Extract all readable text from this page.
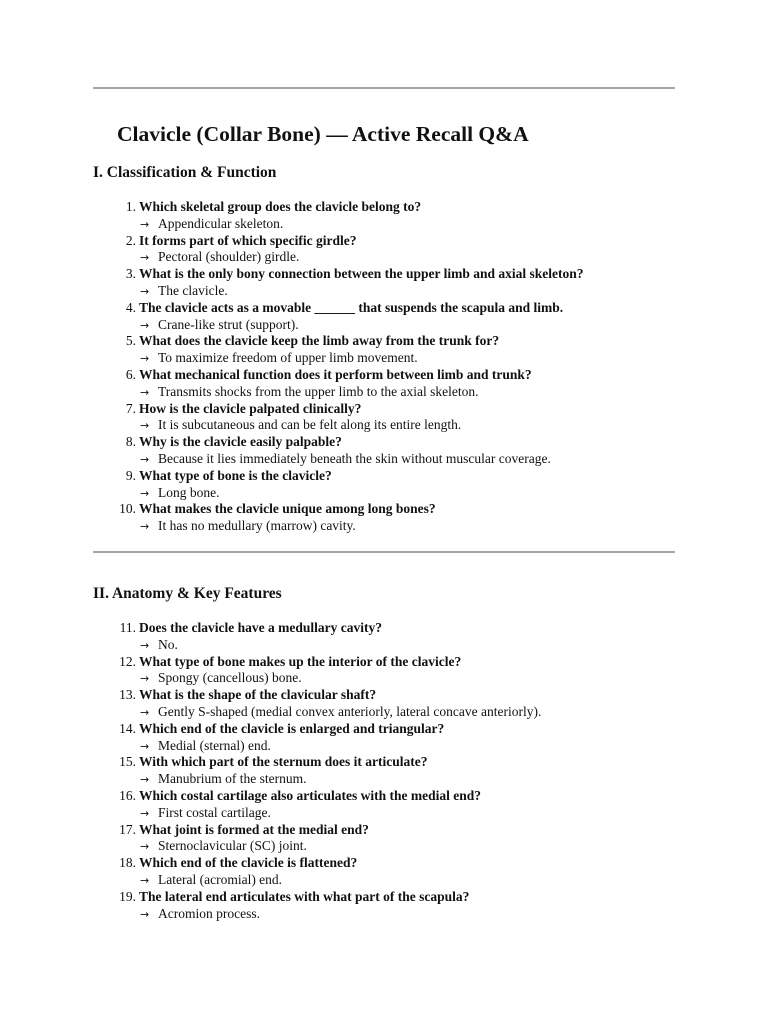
Clavicle (Collar Bone) — Active Recall Q&A
I. Classification & Function
1. Which skeletal group does the clavicle belong to?
→ Appendicular skeleton.
2. It forms part of which specific girdle?
→ Pectoral (shoulder) girdle.
3. What is the only bony connection between the upper limb and axial skeleton?
→ The clavicle.
4. The clavicle acts as a movable ______ that suspends the scapula and limb.
→ Crane-like strut (support).
5. What does the clavicle keep the limb away from the trunk for?
→ To maximize freedom of upper limb movement.
6. What mechanical function does it perform between limb and trunk?
→ Transmits shocks from the upper limb to the axial skeleton.
7. How is the clavicle palpated clinically?
→ It is subcutaneous and can be felt along its entire length.
8. Why is the clavicle easily palpable?
→ Because it lies immediately beneath the skin without muscular coverage.
9. What type of bone is the clavicle?
→ Long bone.
10. What makes the clavicle unique among long bones?
→ It has no medullary (marrow) cavity.
II. Anatomy & Key Features
11. Does the clavicle have a medullary cavity?
→ No.
12. What type of bone makes up the interior of the clavicle?
→ Spongy (cancellous) bone.
13. What is the shape of the clavicular shaft?
→ Gently S-shaped (medial convex anteriorly, lateral concave anteriorly).
14. Which end of the clavicle is enlarged and triangular?
→ Medial (sternal) end.
15. With which part of the sternum does it articulate?
→ Manubrium of the sternum.
16. Which costal cartilage also articulates with the medial end?
→ First costal cartilage.
17. What joint is formed at the medial end?
→ Sternoclavicular (SC) joint.
18. Which end of the clavicle is flattened?
→ Lateral (acromial) end.
19. The lateral end articulates with what part of the scapula?
→ Acromion process.
